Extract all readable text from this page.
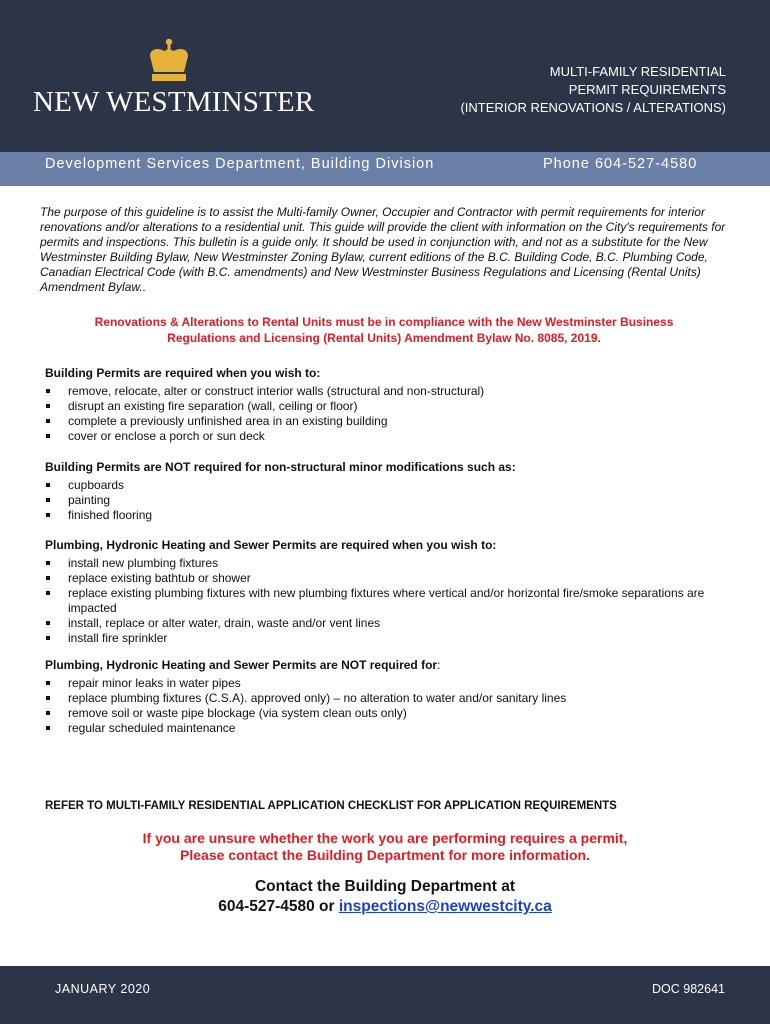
NEW WESTMINSTER
MULTI-FAMILY RESIDENTIAL
PERMIT REQUIREMENTS
(INTERIOR RENOVATIONS / ALTERATIONS)
Development Services Department, Building Division	Phone 604-527-4580

The purpose of this guideline is to assist the Multi-family Owner, Occupier and Contractor with permit requirements for interior renovations and/or alterations to a residential unit. This guide will provide the client with information on the City's requirements for permits and inspections. This bulletin is a guide only. It should be used in conjunction with, and not as a substitute for the New Westminster Building Bylaw, New Westminster Zoning Bylaw, current editions of the B.C. Building Code, B.C. Plumbing Code, Canadian Electrical Code (with B.C. amendments) and New Westminster Business Regulations and Licensing (Rental Units) Amendment Bylaw..

Renovations & Alterations to Rental Units must be in compliance with the New Westminster Business
Regulations and Licensing (Rental Units) Amendment Bylaw No. 8085, 2019.
Building Permits are required when you wish to:
remove, relocate, alter or construct interior walls (structural and non-structural)
disrupt an existing fire separation (wall, ceiling or floor)
complete a previously unfinished area in an existing building
cover or enclose a porch or sun deck
Building Permits are NOT required for non-structural minor modifications such as:
cupboards
painting
finished flooring
Plumbing, Hydronic Heating and Sewer Permits are required when you wish to:
install new plumbing fixtures
replace existing bathtub or shower
replace existing plumbing fixtures with new plumbing fixtures where vertical and/or horizontal fire/smoke separations are impacted
install, replace or alter water, drain, waste and/or vent lines
install fire sprinkler
Plumbing, Hydronic Heating and Sewer Permits are NOT required for:
repair minor leaks in water pipes
replace plumbing fixtures (C.S.A). approved only) – no alteration to water and/or sanitary lines
remove soil or waste pipe blockage (via system clean outs only)
regular scheduled maintenance
REFER TO MULTI-FAMILY RESIDENTIAL APPLICATION CHECKLIST FOR APPLICATION REQUIREMENTS
If you are unsure whether the work you are performing requires a permit,
Please contact the Building Department for more information.
Contact the Building Department at
604-527-4580 or inspections@newwestcity.ca
JANUARY 2020	DOC 982641
